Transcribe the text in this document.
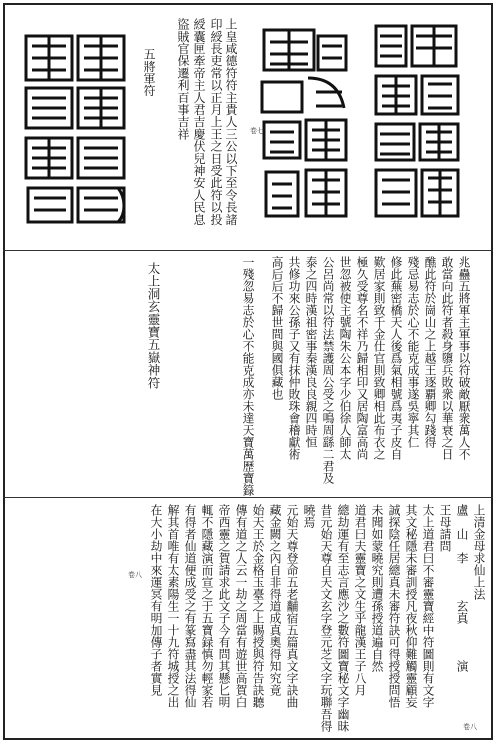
上皇咸德符符主貴人三公以下至令長諸
印綬長吏常以正月上王之日受此符以投
綬囊匣牽帝主人君吉慶伏兒神安人民息
盜賊官保遷利百事吉祥
五將軍符
兆蠱五將軍主軍事以符破敵厭衆萬人不
敢當向此符者殺身隳兵敗衆以華衰之日
醮此符於崗山之上越王逐覇卿勾踐得
殘忌易志於心不能克成事遂吳寧其仁
修此蕪密橋天人後爲氣相號爲夷子皮自
歎居家則致千金仕官則致卿相此布衣之
極久受尊名不祥乃歸相印又居陶富高尚
世忽被使主號陶朱公本字少伯徐人師太
公呂尚常以符法禁護周公受之鳴周繇二君及
泰之四時漢祖密事秦漢良良親四時恒
共修功來公孫子又有抹仲敗珠會稽獻術
高后后不歸世間與國俱藏也
一殘忽易志於心不能克成亦未達天寶萬歷寶籙
太上洞玄靈寶五嶽神符
上清金母求仙上法
盧　山　李　　　玄真　　　演
王母請問
太上道君曰不審靈寶經中符圖則有文字
其文秘隱未審訓授凡夜秋仰難觸靈顧妄
誠探陰任居總真未審符訣可得授授問悟
未聞如蒙曉究則遭孫授道遍自然
道君曰夫靈寶之文生乎龍漢王子八月
總劫運有至志言應沙之數符圖寶秘文字幽昧
昔元始天尊自天文玄字登元芝文字玩聯吾得
曉焉
元始天尊登命五老黼宿五篇真文字訣曲
藏金闕之內自非得道成真奧得知究竟
始天王於金格玉臺之上賜授與符告訣聽
傳有道之人云一劫之周當有遊世高賀白
帝西靈之賀請求此文子今有問其懸匕明
輒不隱藏演而宣之于五寶録慎勿輕家若
有得者仙道便成受之有篆寫盡其法得仙
解其首唯有太素陽生一十九符城授之出
在大小劫中來運冥有明加傳子者實見
卷七
卷八
卷八
